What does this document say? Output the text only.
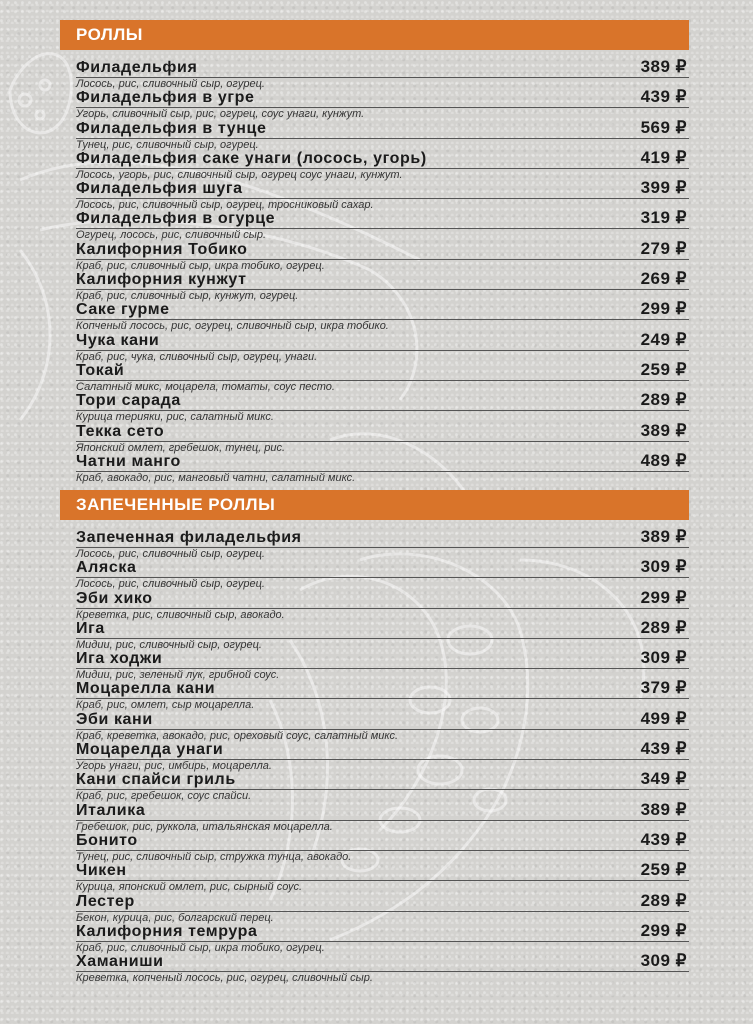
РОЛЛЫ
Филадельфия	389 ₽
Лосось, рис, сливочный сыр, огурец.
Филадельфия в угре	439 ₽
Угорь, сливочный сыр, рис, огурец, соус унаги, кунжут.
Филадельфия в тунце	569 ₽
Тунец, рис, сливочный сыр, огурец.
Филадельфия саке унаги (лосось, угорь)	419 ₽
Лосось, угорь, рис, сливочный сыр, огурец соус унаги, кунжут.
Филадельфия шуга	399 ₽
Лосось, рис, сливочный сыр, огурец, тросниковый сахар.
Филадельфия в огурце	319 ₽
Огурец, лосось, рис, сливочный сыр.
Калифорния Тобико	279 ₽
Краб, рис, сливочный сыр, икра тобико, огурец.
Калифорния кунжут	269 ₽
Краб, рис, сливочный сыр, кунжут, огурец.
Саке гурме	299 ₽
Копченый лосось, рис, огурец, сливочный сыр, икра тобико.
Чука кани	249 ₽
Краб, рис, чука, сливочный сыр, огурец, унаги.
Токай	259 ₽
Салатный микс, моцарела, томаты, соус песто.
Тори сарада	289 ₽
Курица терияки, рис, салатный микс.
Текка сето	389 ₽
Японский омлет, гребешок, тунец, рис.
Чатни манго	489 ₽
Краб, авокадо, рис, манговый чатни, салатный микс.
ЗАПЕЧЕННЫЕ РОЛЛЫ
Запеченная филадельфия	389 ₽
Лосось, рис, сливочный сыр, огурец.
Аляска	309 ₽
Лосось, рис, сливочный сыр, огурец.
Эби хико	299 ₽
Креветка, рис, сливочный сыр, авокадо.
Ига	289 ₽
Мидии, рис, сливочный сыр, огурец.
Ига ходжи	309 ₽
Мидии, рис, зеленый лук, грибной соус.
Моцарелла кани	379 ₽
Краб, рис, омлет, сыр моцарелла.
Эби кани	499 ₽
Краб, креветка, авокадо, рис, ореховый соус, салатный микс.
Моцарелда унаги	439 ₽
Угорь унаги, рис, имбирь, моцарелла.
Кани спайси гриль	349 ₽
Краб, рис, гребешок, соус спайси.
Италика	389 ₽
Гребешок, рис, руккола, итальянская моцарелла.
Бонито	439 ₽
Тунец, рис, сливочный сыр, стружка тунца, авокадо.
Чикен	259 ₽
Курица, японский омлет, рис, сырный соус.
Лестер	289 ₽
Бекон, курица, рис, болгарский перец.
Калифорния темрура	299 ₽
Краб, рис, сливочный сыр, икра тобико, огурец.
Хаманиши	309 ₽
Креветка, копченый лосось, рис, огурец, сливочный сыр.
